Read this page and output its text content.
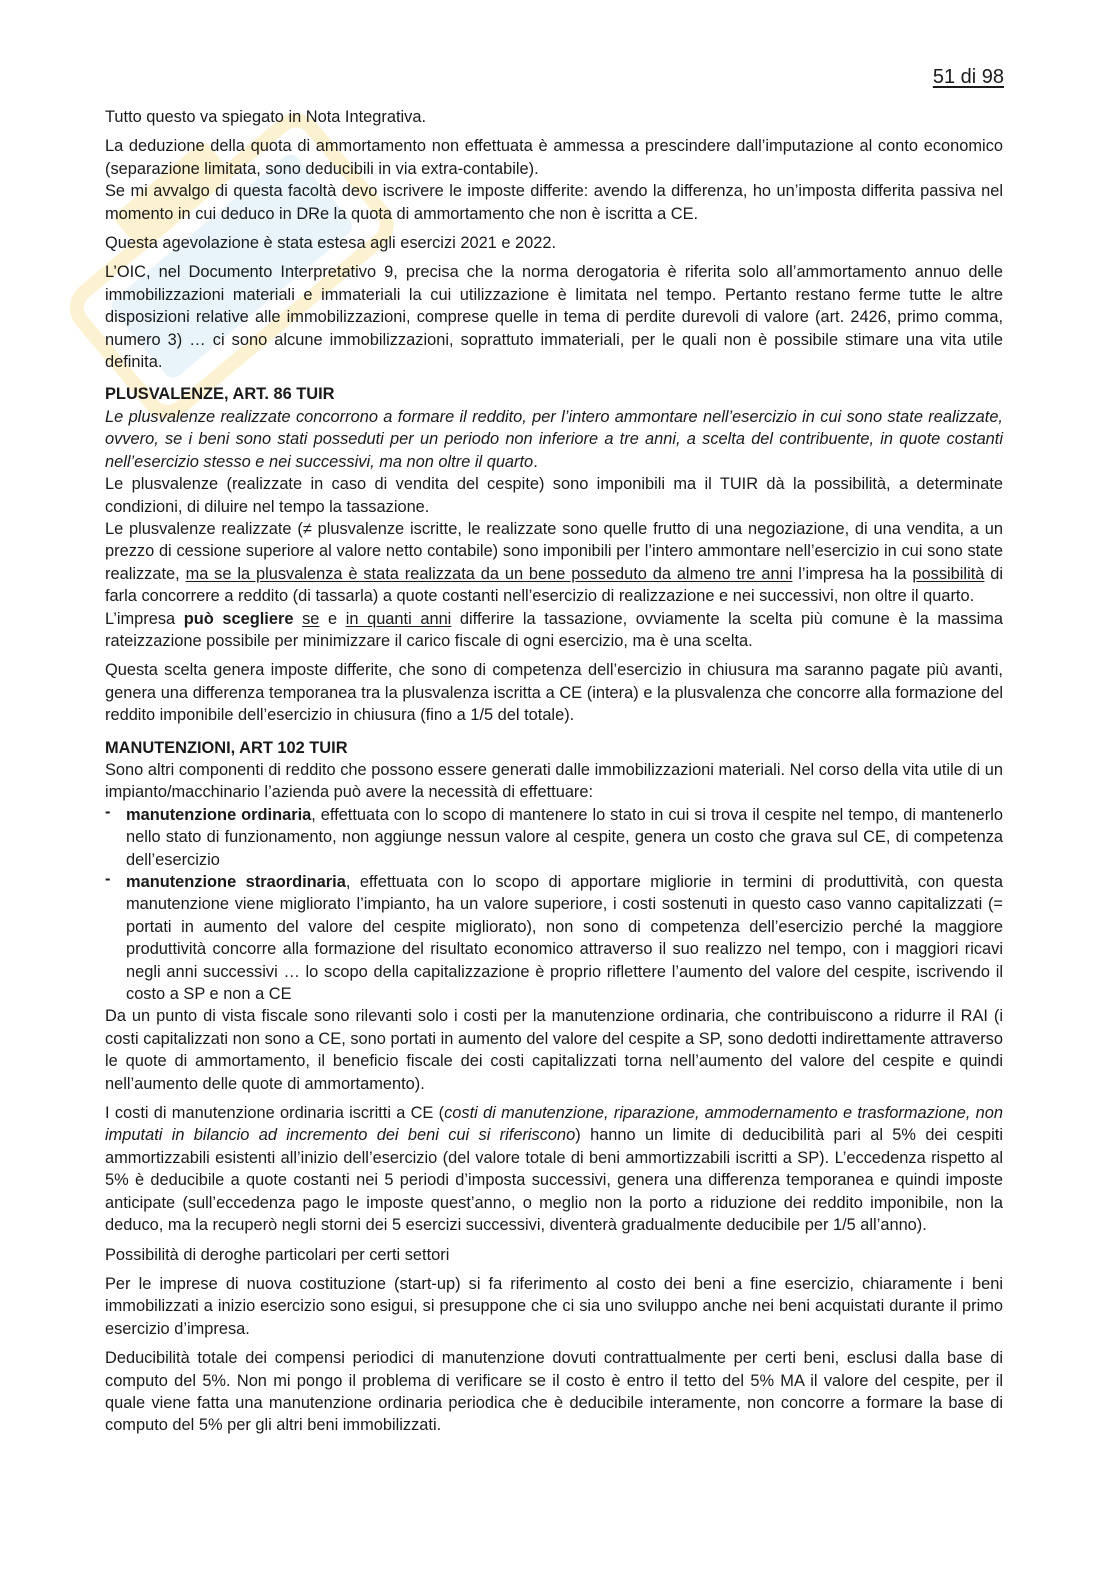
51 di 98

Tutto questo va spiegato in Nota Integrativa.

La deduzione della quota di ammortamento non effettuata è ammessa a prescindere dall’imputazione al conto economico (separazione limitata, sono deducibili in via extra-contabile).

Se mi avvalgo di questa facoltà devo iscrivere le imposte differite: avendo la differenza, ho un’imposta differita passiva nel momento in cui deduco in DRe la quota di ammortamento che non è iscritta a CE.

Questa agevolazione è stata estesa agli esercizi 2021 e 2022.

L’OIC, nel Documento Interpretativo 9, precisa che la norma derogatoria è riferita solo all’ammortamento annuo delle immobilizzazioni materiali e immateriali la cui utilizzazione è limitata nel tempo. Pertanto restano ferme tutte le altre disposizioni relative alle immobilizzazioni, comprese quelle in tema di perdite durevoli di valore (art. 2426, primo comma, numero 3) … ci sono alcune immobilizzazioni, soprattuto immateriali, per le quali non è possibile stimare una vita utile definita.

PLUSVALENZE, ART. 86 TUIR

Le plusvalenze realizzate concorrono a formare il reddito, per l’intero ammontare nell’esercizio in cui sono state realizzate, ovvero, se i beni sono stati posseduti per un periodo non inferiore a tre anni, a scelta del contribuente, in quote costanti nell’esercizio stesso e nei successivi, ma non oltre il quarto.

Le plusvalenze (realizzate in caso di vendita del cespite) sono imponibili ma il TUIR dà la possibilità, a determinate condizioni, di diluire nel tempo la tassazione.

Le plusvalenze realizzate (≠ plusvalenze iscritte, le realizzate sono quelle frutto di una negoziazione, di una vendita, a un prezzo di cessione superiore al valore netto contabile) sono imponibili per l’intero ammontare nell’esercizio in cui sono state realizzate, ma se la plusvalenza è stata realizzata da un bene posseduto da almeno tre anni l’impresa ha la possibilità di farla concorrere a reddito (di tassarla) a quote costanti nell’esercizio di realizzazione e nei successivi, non oltre il quarto.

L’impresa può scegliere se e in quanti anni differire la tassazione, ovviamente la scelta più comune è la massima rateizzazione possibile per minimizzare il carico fiscale di ogni esercizio, ma è una scelta.

Questa scelta genera imposte differite, che sono di competenza dell’esercizio in chiusura ma saranno pagate più avanti, genera una differenza temporanea tra la plusvalenza iscritta a CE (intera) e la plusvalenza che concorre alla formazione del reddito imponibile dell’esercizio in chiusura (fino a 1/5 del totale).

MANUTENZIONI, ART 102 TUIR

Sono altri componenti di reddito che possono essere generati dalle immobilizzazioni materiali. Nel corso della vita utile di un impianto/macchinario l’azienda può avere la necessità di effettuare:

- manutenzione ordinaria, effettuata con lo scopo di mantenere lo stato in cui si trova il cespite nel tempo, di mantenerlo nello stato di funzionamento, non aggiunge nessun valore al cespite, genera un costo che grava sul CE, di competenza dell’esercizio
- manutenzione straordinaria, effettuata con lo scopo di apportare migliorie in termini di produttività, con questa manutenzione viene migliorato l’impianto, ha un valore superiore, i costi sostenuti in questo caso vanno capitalizzati (= portati in aumento del valore del cespite migliorato), non sono di competenza dell’esercizio perché la maggiore produttività concorre alla formazione del risultato economico attraverso il suo realizzo nel tempo, con i maggiori ricavi negli anni successivi … lo scopo della capitalizzazione è proprio riflettere l’aumento del valore del cespite, iscrivendo il costo a SP e non a CE

Da un punto di vista fiscale sono rilevanti solo i costi per la manutenzione ordinaria, che contribuiscono a ridurre il RAI (i costi capitalizzati non sono a CE, sono portati in aumento del valore del cespite a SP, sono dedotti indirettamente attraverso le quote di ammortamento, il beneficio fiscale dei costi capitalizzati torna nell’aumento del valore del cespite e quindi nell’aumento delle quote di ammortamento).

I costi di manutenzione ordinaria iscritti a CE (costi di manutenzione, riparazione, ammodernamento e trasformazione, non imputati in bilancio ad incremento dei beni cui si riferiscono) hanno un limite di deducibilità pari al 5% dei cespiti ammortizzabili esistenti all’inizio dell’esercizio (del valore totale di beni ammortizzabili iscritti a SP). L’eccedenza rispetto al 5% è deducibile a quote costanti nei 5 periodi d’imposta successivi, genera una differenza temporanea e quindi imposte anticipate (sull’eccedenza pago le imposte quest’anno, o meglio non la porto a riduzione dei reddito imponibile, non la deduco, ma la recuperò negli storni dei 5 esercizi successivi, diventerà gradualmente deducibile per 1/5 all’anno).

Possibilità di deroghe particolari per certi settori

Per le imprese di nuova costituzione (start-up) si fa riferimento al costo dei beni a fine esercizio, chiaramente i beni immobilizzati a inizio esercizio sono esigui, si presuppone che ci sia uno sviluppo anche nei beni acquistati durante il primo esercizio d’impresa.

Deducibilità totale dei compensi periodici di manutenzione dovuti contrattualmente per certi beni, esclusi dalla base di computo del 5%. Non mi pongo il problema di verificare se il costo è entro il tetto del 5% MA il valore del cespite, per il quale viene fatta una manutenzione ordinaria periodica che è deducibile interamente, non concorre a formare la base di computo del 5% per gli altri beni immobilizzati.
